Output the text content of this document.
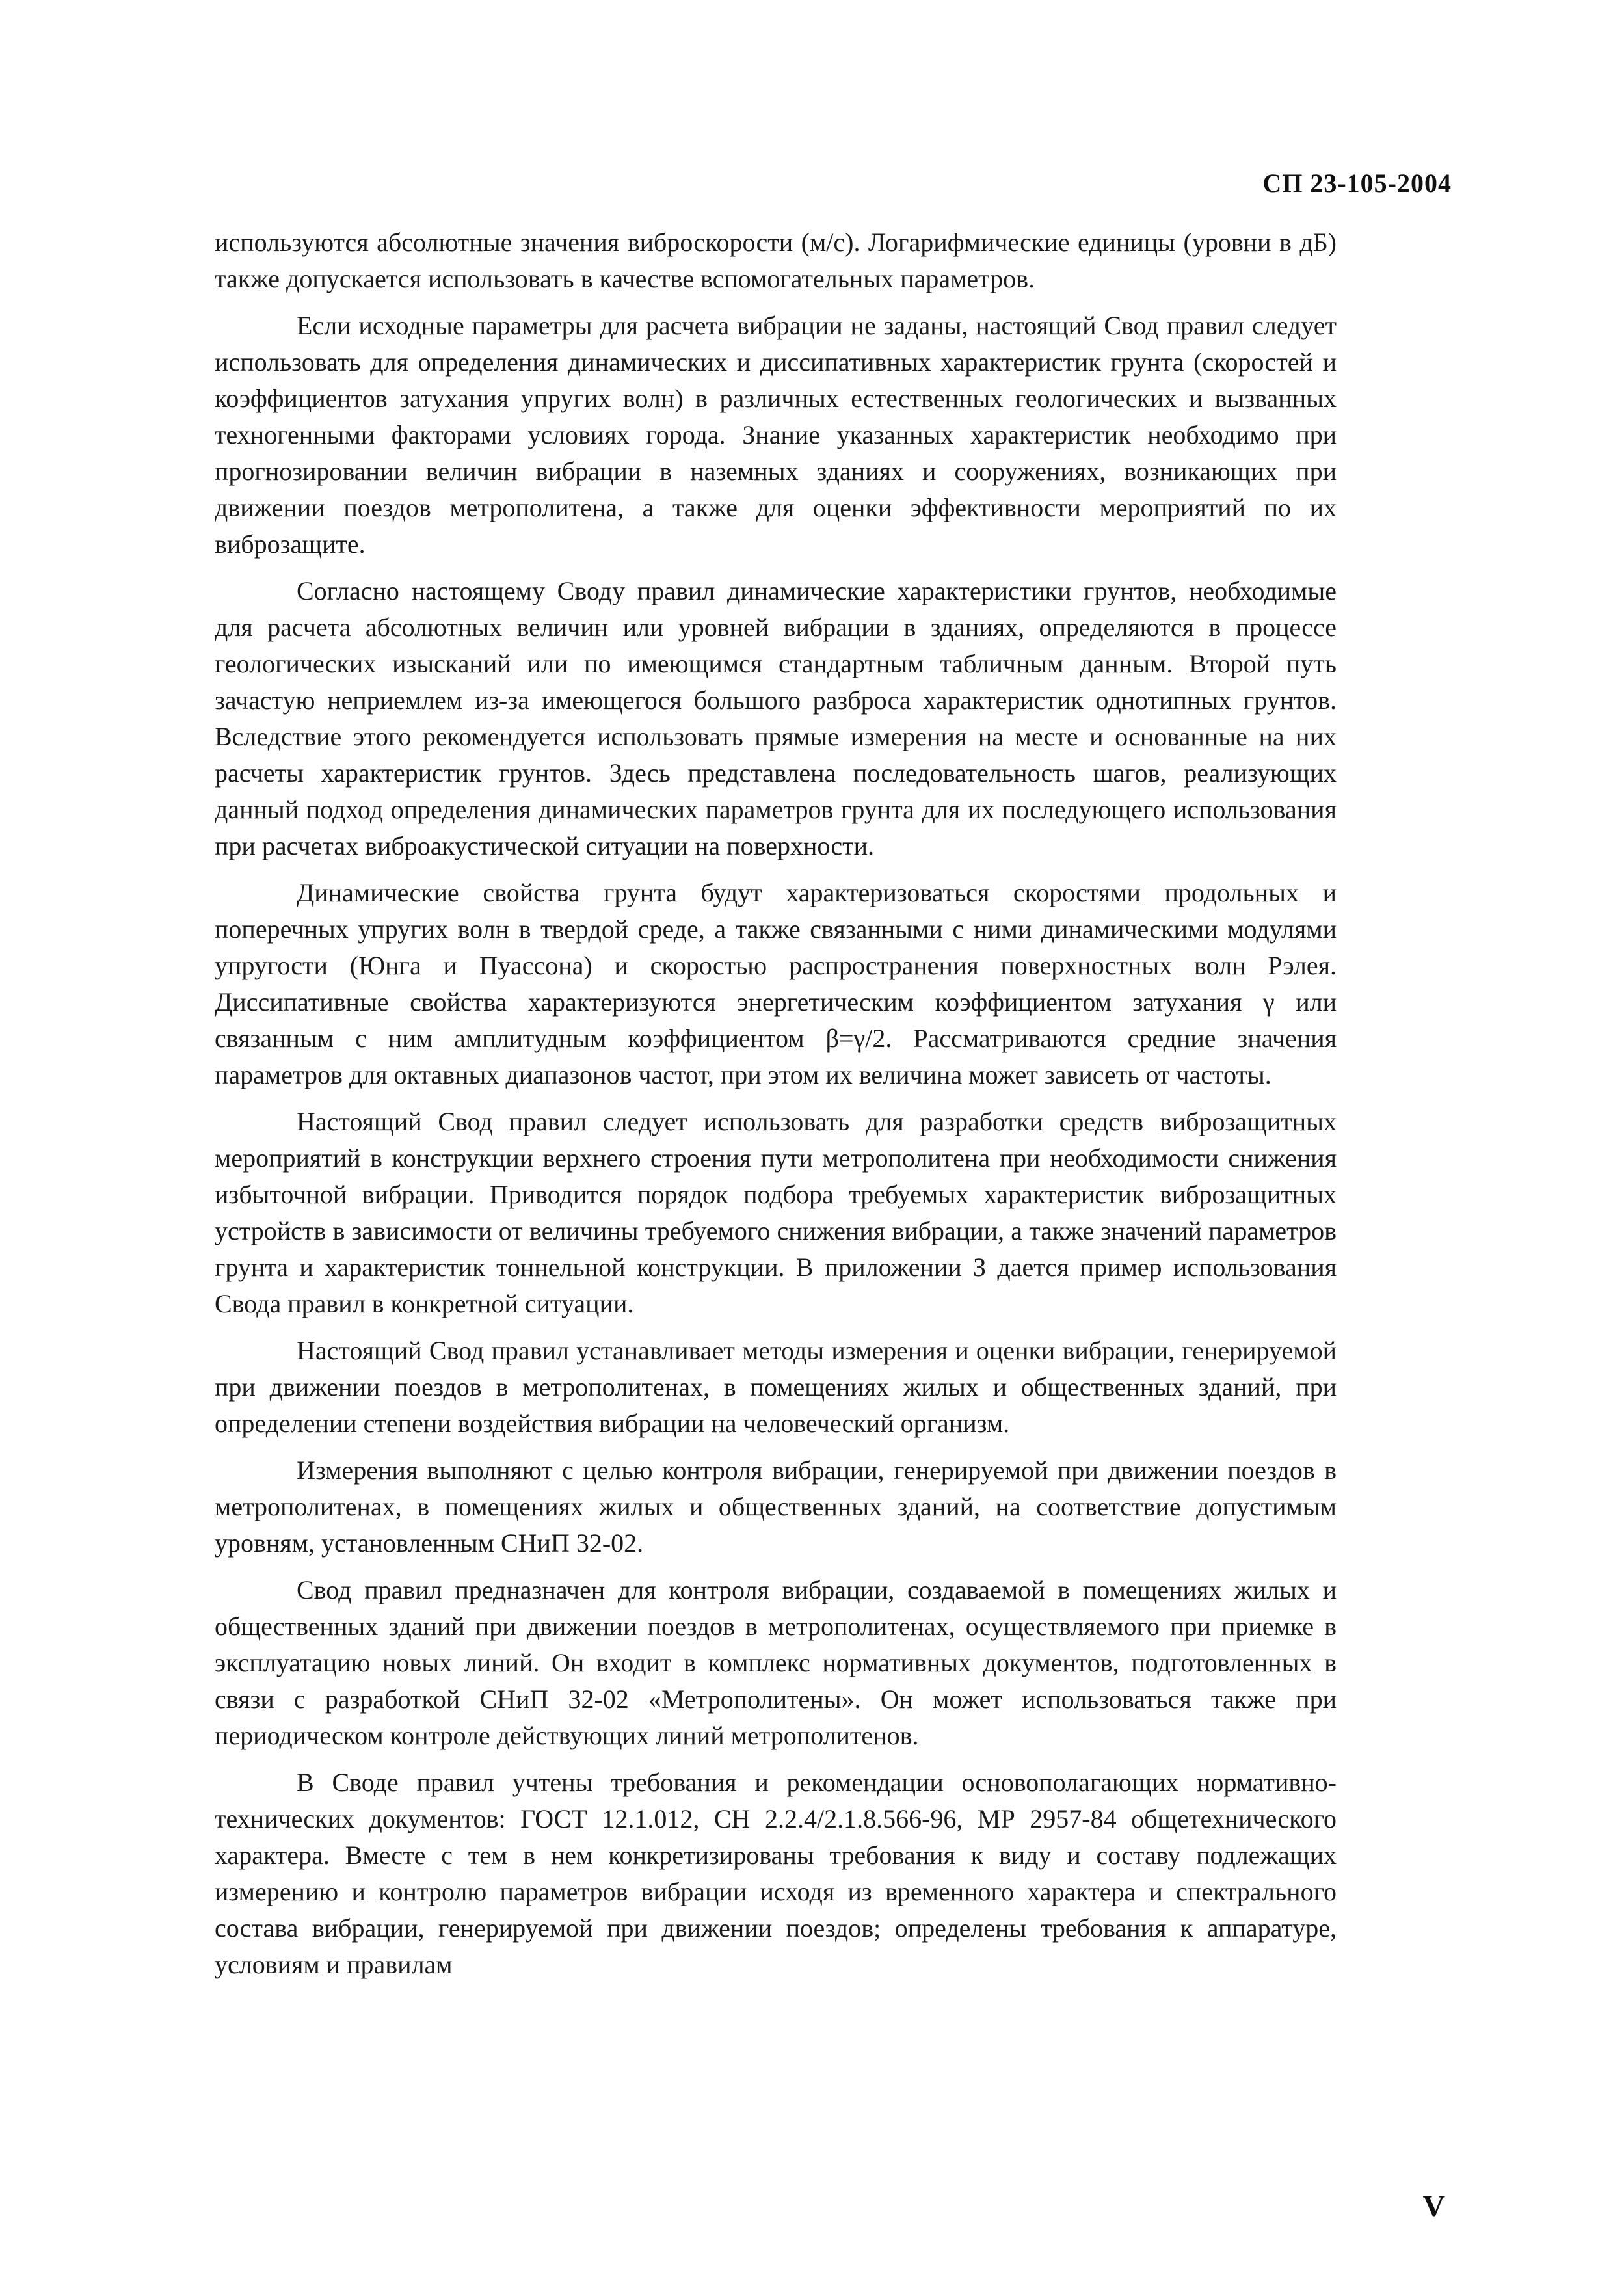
СП 23-105-2004

используются абсолютные значения виброскорости (м/с). Логарифмические единицы (уровни в дБ) также допускается использовать в качестве вспомогательных параметров.

Если исходные параметры для расчета вибрации не заданы, настоящий Свод правил следует использовать для определения динамических и диссипативных характеристик грунта (скоростей и коэффициентов затухания упругих волн) в различных естественных геологических и вызванных техногенными факторами условиях города. Знание указанных характеристик необходимо при прогнозировании величин вибрации в наземных зданиях и сооружениях, возникающих при движении поездов метрополитена, а также для оценки эффективности мероприятий по их виброзащите.

Согласно настоящему Своду правил динамические характеристики грунтов, необходимые для расчета абсолютных величин или уровней вибрации в зданиях, определяются в процессе геологических изысканий или по имеющимся стандартным табличным данным. Второй путь зачастую неприемлем из-за имеющегося большого разброса характеристик однотипных грунтов. Вследствие этого рекомендуется использовать прямые измерения на месте и основанные на них расчеты характеристик грунтов. Здесь представлена последовательность шагов, реализующих данный подход определения динамических параметров грунта для их последующего использования при расчетах виброакустической ситуации на поверхности.

Динамические свойства грунта будут характеризоваться скоростями продольных и поперечных упругих волн в твердой среде, а также связанными с ними динамическими модулями упругости (Юнга и Пуассона) и скоростью распространения поверхностных волн Рэлея. Диссипативные свойства характеризуются энергетическим коэффициентом затухания γ или связанным с ним амплитудным коэффициентом β=γ/2. Рассматриваются средние значения параметров для октавных диапазонов частот, при этом их величина может зависеть от частоты.

Настоящий Свод правил следует использовать для разработки средств виброзащитных мероприятий в конструкции верхнего строения пути метрополитена при необходимости снижения избыточной вибрации. Приводится порядок подбора требуемых характеристик виброзащитных устройств в зависимости от величины требуемого снижения вибрации, а также значений параметров грунта и характеристик тоннельной конструкции. В приложении З дается пример использования Свода правил в конкретной ситуации.

Настоящий Свод правил устанавливает методы измерения и оценки вибрации, генерируемой при движении поездов в метрополитенах, в помещениях жилых и общественных зданий, при определении степени воздействия вибрации на человеческий организм.

Измерения выполняют с целью контроля вибрации, генерируемой при движении поездов в метрополитенах, в помещениях жилых и общественных зданий, на соответствие допустимым уровням, установленным СНиП 32-02.

Свод правил предназначен для контроля вибрации, создаваемой в помещениях жилых и общественных зданий при движении поездов в метрополитенах, осуществляемого при приемке в эксплуатацию новых линий. Он входит в комплекс нормативных документов, подготовленных в связи с разработкой СНиП 32-02 «Метрополитены». Он может использоваться также при периодическом контроле действующих линий метрополитенов.

В Своде правил учтены требования и рекомендации основополагающих нормативно-технических документов: ГОСТ 12.1.012, СН 2.2.4/2.1.8.566-96, МР 2957-84 общетехнического характера. Вместе с тем в нем конкретизированы требования к виду и составу подлежащих измерению и контролю параметров вибрации исходя из временного характера и спектрального состава вибрации, генерируемой при движении поездов; определены требования к аппаратуре, условиям и правилам

V
